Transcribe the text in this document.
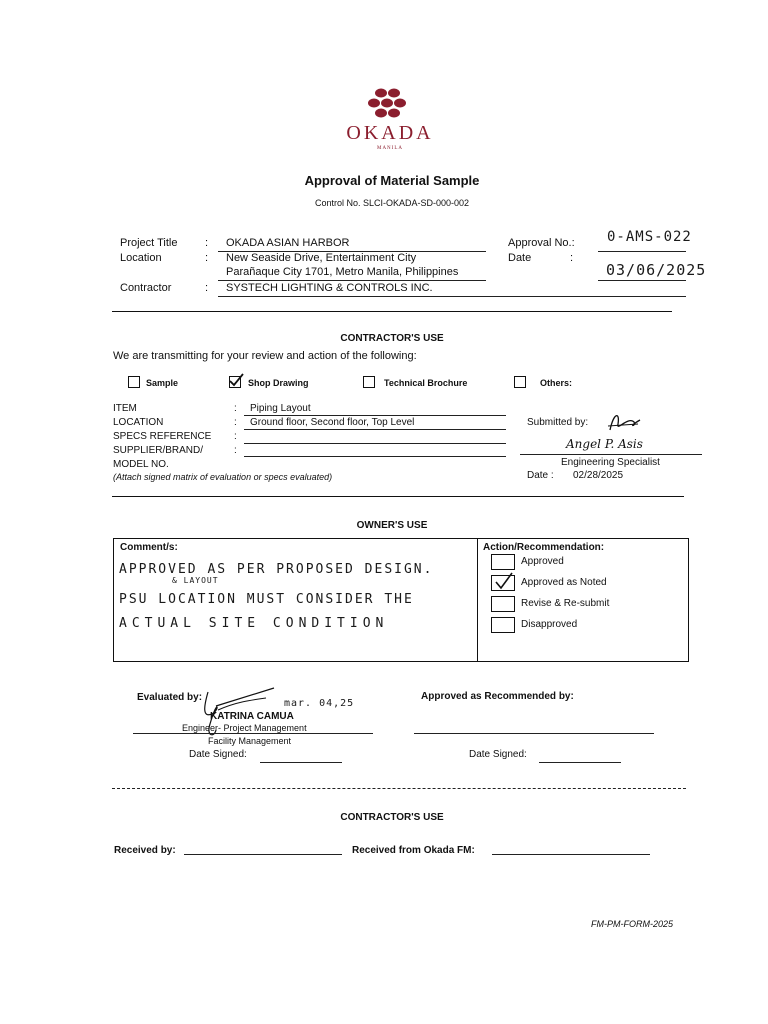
OKADA
MANILA
Approval of Material Sample
Control No. SLCI-OKADA-SD-000-002
Project Title	: OKADA ASIAN HARBOR
Location	: New Seaside Drive, Entertainment City
Parañaque City 1701, Metro Manila, Philippines
Contractor	: SYSTECH LIGHTING & CONTROLS INC.
Approval No.: 0-AMS-022
Date	:
03/06/2025
CONTRACTOR'S USE
We are transmitting for your review and action of the following:
Sample	Shop Drawing	Technical Brochure	Others:
ITEM	: Piping Layout
LOCATION	: Ground floor, Second floor, Top Level
SPECS REFERENCE :
SUPPLIER/BRAND/	:
MODEL NO.
(Attach signed matrix of evaluation or specs evaluated)
Submitted by:
Angel P. Asis
Engineering Specialist
Date : 02/28/2025
OWNER'S USE
Comment/s:
APPROVED AS PER PROPOSED DESIGN.
& LAYOUT
PSU LOCATION MUST CONSIDER THE
ACTUAL SITE CONDITION
Action/Recommendation:
Approved
Approved as Noted
Revise & Re-submit
Disapproved
Evaluated by:
mar. 04,25
KATRINA CAMUA
Engineer- Project Management
Facility Management
Date Signed:
Approved as Recommended by:
Date Signed:
CONTRACTOR'S USE
Received by:	Received from Okada FM:
FM-PM-FORM-2025
